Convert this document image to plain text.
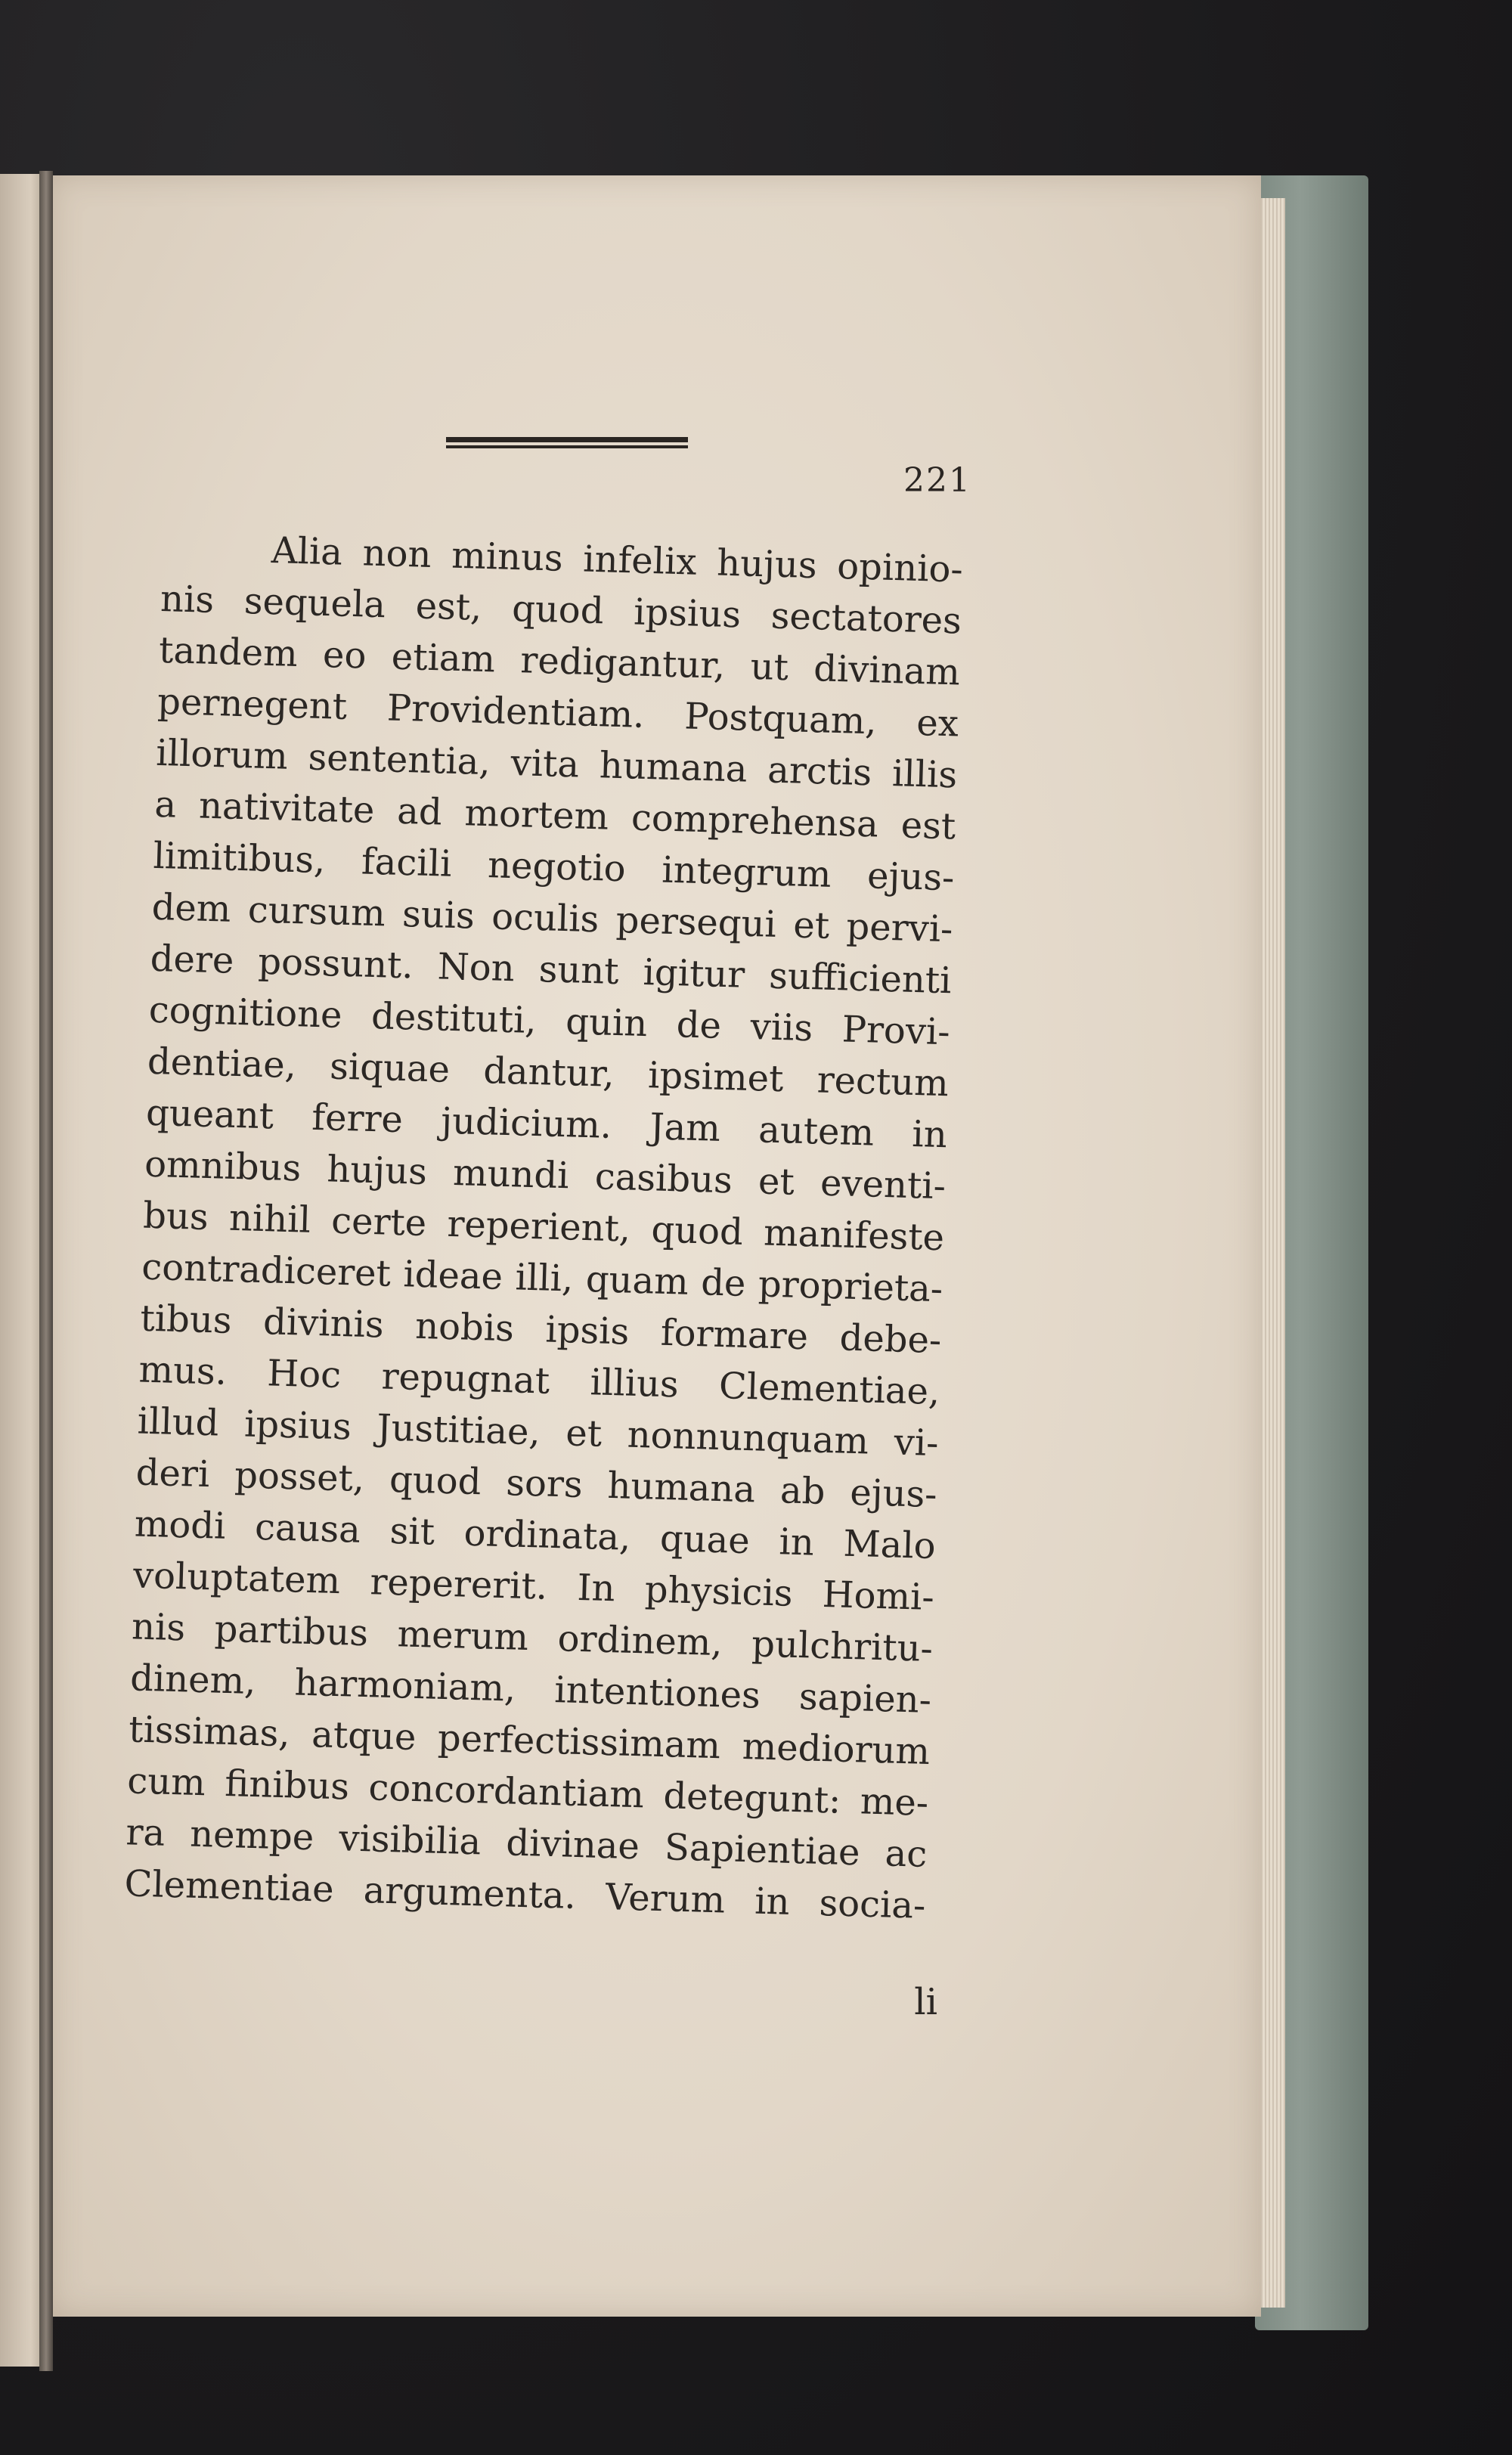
221
Alia non minus infelix hujus opinio-
nis sequela est, quod ipsius sectatores
tandem eo etiam redigantur, ut divinam
pernegent Providentiam. Postquam, ex
illorum sententia, vita humana arctis illis
a nativitate ad mortem comprehensa est
limitibus, facili negotio integrum ejus-
dem cursum suis oculis persequi et pervi-
dere possunt. Non sunt igitur sufficienti
cognitione destituti, quin de viis Provi-
dentiae, siquae dantur, ipsimet rectum
queant ferre judicium. Jam autem in
omnibus hujus mundi casibus et eventi-
bus nihil certe reperient, quod manifeste
contradiceret ideae illi, quam de proprieta-
tibus divinis nobis ipsis formare debe-
mus. Hoc repugnat illius Clementiae,
illud ipsius Justitiae, et nonnunquam vi-
deri posset, quod sors humana ab ejus-
modi causa sit ordinata, quae in Malo
voluptatem repererit. In physicis Homi-
nis partibus merum ordinem, pulchritu-
dinem, harmoniam, intentiones sapien-
tissimas, atque perfectissimam mediorum
cum finibus concordantiam detegunt: me-
ra nempe visibilia divinae Sapientiae ac
Clementiae argumenta. Verum in socia-
li
